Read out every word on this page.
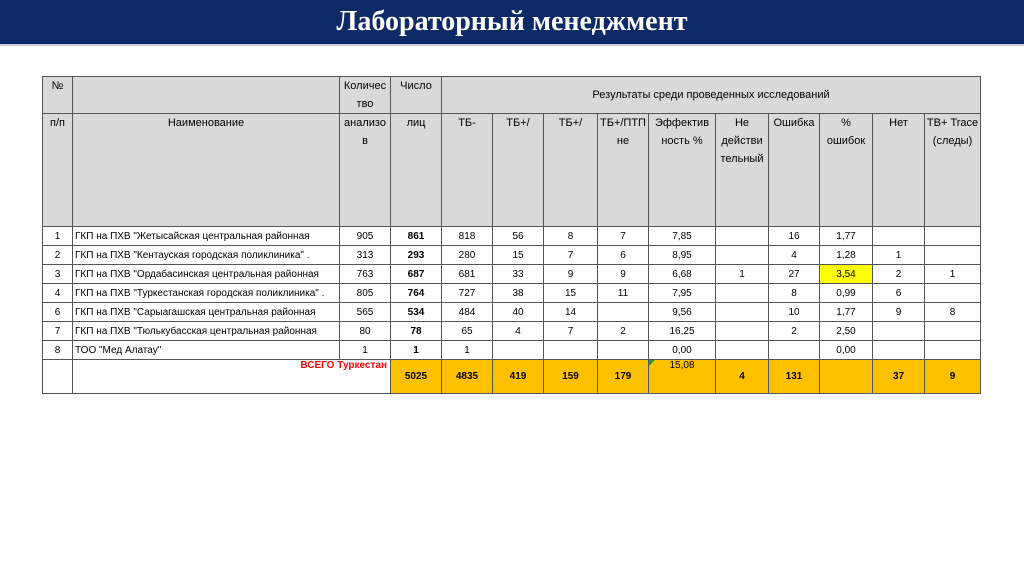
Лабораторный менеджмент
№		Количес тво	Число	Результаты среди проведенных исследований									
п/п	Наименование	анализо в	лиц	ТБ-	ТБ+/	ТБ+/	ТБ+/ПТП не	Эффектив ность %	Не действи тельный	Ошибка	% ошибок	Нет	ТВ+ Trace (следы)
1	ГКП на ПХВ "Жетысайская центральная районная	905	861	818	56	8	7	7,85		16	1,77		
2	ГКП на ПХВ "Кентауская городская поликлиника" .	313	293	280	15	7	6	8,95		4	1,28	1	
3	ГКП на ПХВ "Ордабасинская центральная районная	763	687	681	33	9	9	6,68	1	27	3,54	2	1
4	ГКП на ПХВ "Туркестанская городская поликлиника" .	805	764	727	38	15	11	7,95		8	0,99	6	
6	ГКП на ПХВ "Сарыагашская центральная районная	565	534	484	40	14		9,56		10	1,77	9	8
7	ГКП на ПХВ "Тюлькубасская центральная районная	80	78	65	4	7	2	16,25		2	2,50		
8	ТОО "Мед Алатау"	1	1	1				0,00			0,00		
	ВСЕГО Туркестан		5025	4835	419	159	179	15,08	4	131		37	9
